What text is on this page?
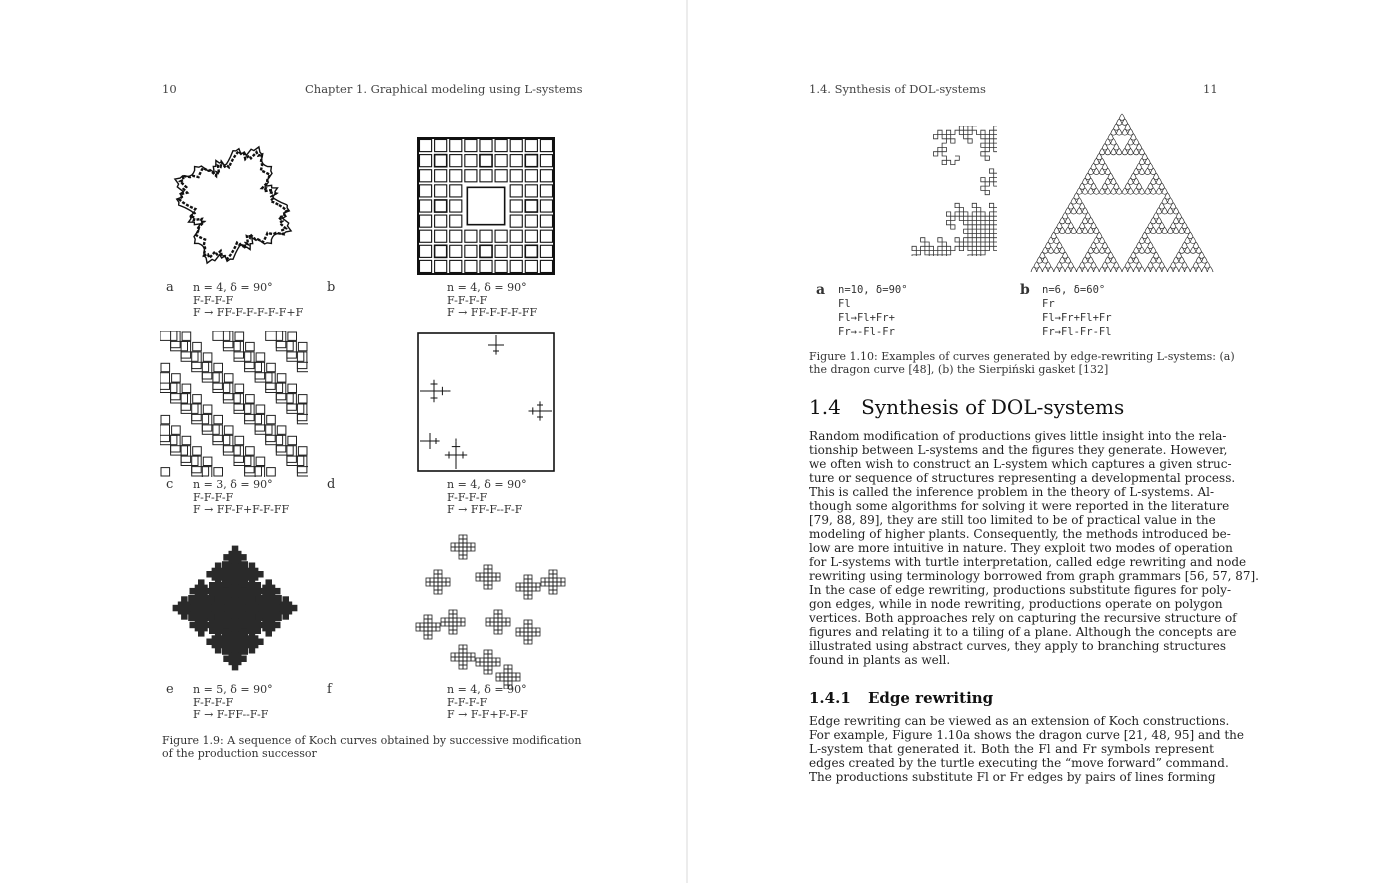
10	Chapter 1. Graphical modeling using L-systems
a n = 4, δ = 90°
F-F-F-F
F → FF-F-F-F-F-F+F
b	n = 4, δ = 90°
F-F-F-F
F → FF-F-F-F-FF
c n = 3, δ = 90°
F-F-F-F
F → FF-F+F-F-FF
d	n = 4, δ = 90°
F-F-F-F
F → FF-F--F-F
e n = 5, δ = 90°
F-F-F-F
F → F-FF--F-F
f	n = 4, δ = 90°
F-F-F-F
F → F-F+F-F-F
Figure 1.9: A sequence of Koch curves obtained by successive modification
of the production successor
1.4. Synthesis of DOL-systems	11
a n=10, δ=90°
Fl
Fl→Fl+Fr+
Fr→-Fl-Fr
b n=6, δ=60°
Fr
Fl→Fr+Fl+Fr
Fr→Fl-Fr-Fl
Figure 1.10: Examples of curves generated by edge-rewriting L-systems: (a)
the dragon curve [48], (b) the Sierpiński gasket [132]
1.4 Synthesis of DOL-systems
Random modification of productions gives little insight into the rela-
tionship between L-systems and the figures they generate. However,
we often wish to construct an L-system which captures a given struc-
ture or sequence of structures representing a developmental process.
This is called the inference problem in the theory of L-systems. Al-
though some algorithms for solving it were reported in the literature
[79, 88, 89], they are still too limited to be of practical value in the
modeling of higher plants. Consequently, the methods introduced be-
low are more intuitive in nature. They exploit two modes of operation
for L-systems with turtle interpretation, called edge rewriting and node
rewriting using terminology borrowed from graph grammars [56, 57, 87].
In the case of edge rewriting, productions substitute figures for poly-
gon edges, while in node rewriting, productions operate on polygon
vertices. Both approaches rely on capturing the recursive structure of
figures and relating it to a tiling of a plane. Although the concepts are
illustrated using abstract curves, they apply to branching structures
found in plants as well.
1.4.1 Edge rewriting
Edge rewriting can be viewed as an extension of Koch constructions.
For example, Figure 1.10a shows the dragon curve [21, 48, 95] and the
L-system that generated it. Both the Fl and Fr symbols represent
edges created by the turtle executing the “move forward” command.
The productions substitute Fl or Fr edges by pairs of lines forming
